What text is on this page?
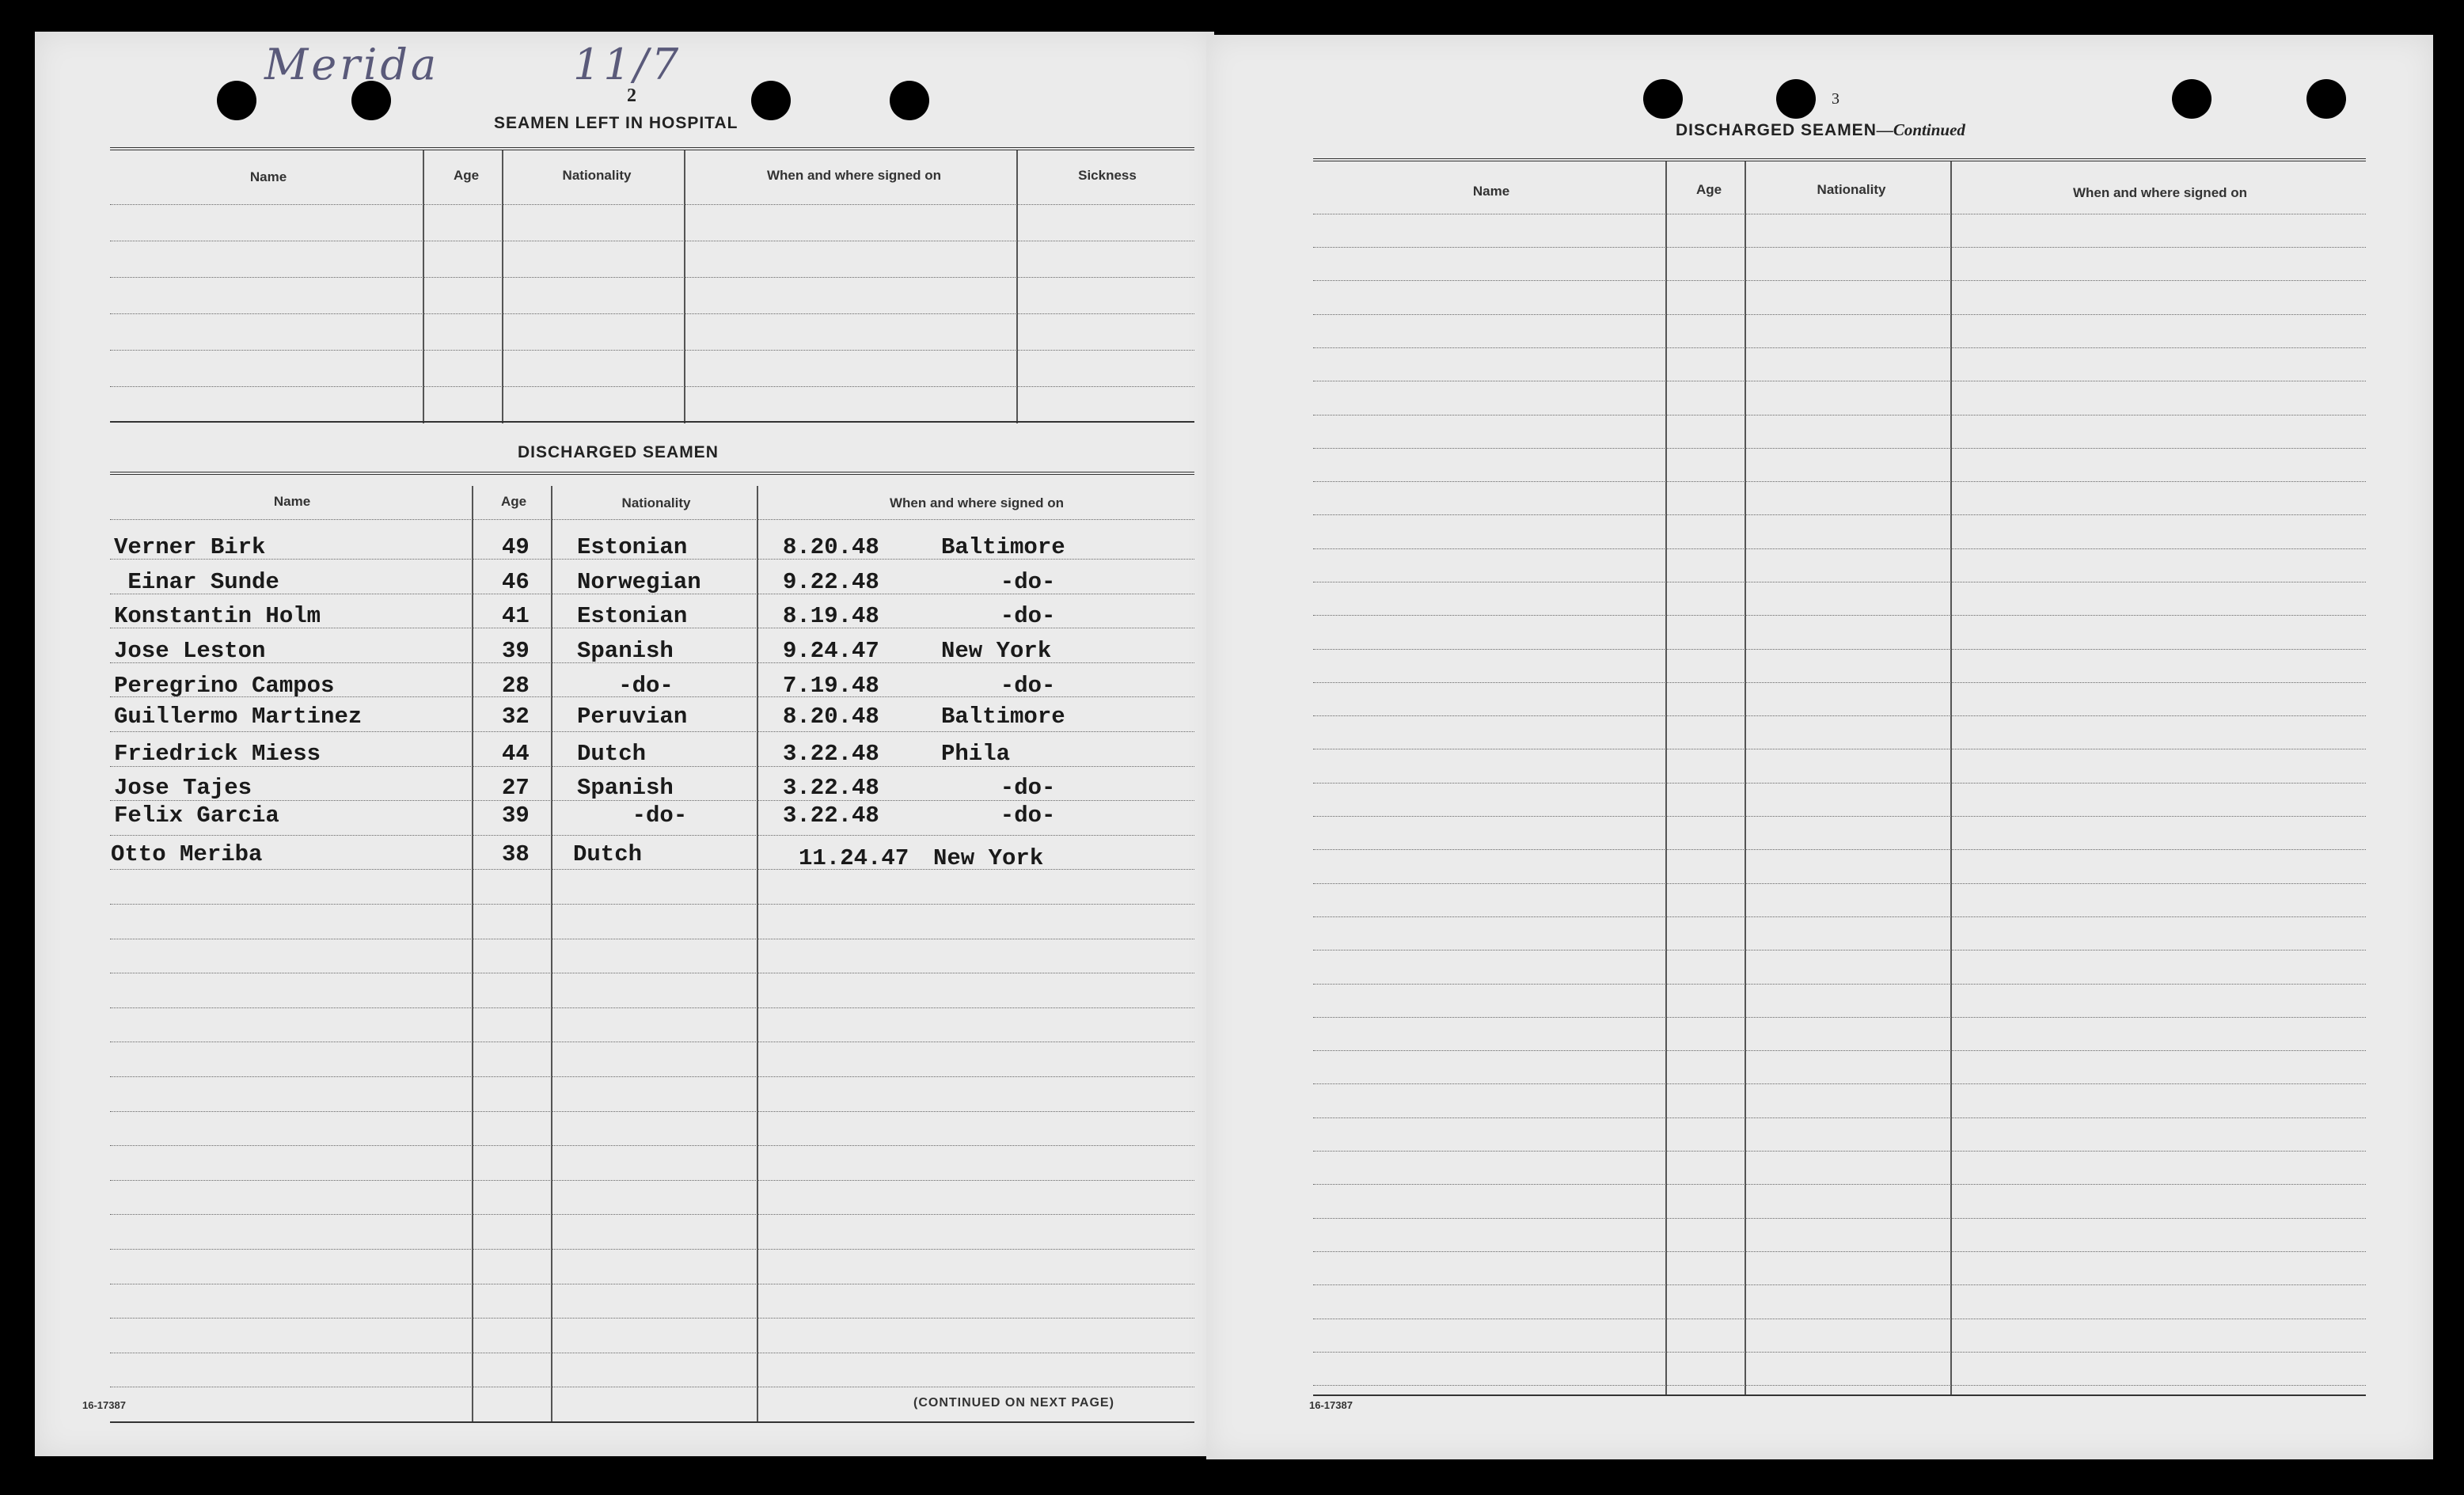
Merida	11/7
2
SEAMEN LEFT IN HOSPITAL
Name	Age	Nationality	When and where signed on	Sickness
DISCHARGED SEAMEN
Name	Age	Nationality	When and where signed on
Verner Birk	49 Estonian	8.20.48	Baltimore
Einar Sunde	46 Norwegian	9.22.48	-do-
Konstantin Holm	41 Estonian	8.19.48	-do-
Jose Leston	39 Spanish	9.24.47	New York
Peregrino Campos	28 -do-	7.19.48	-do-
Guillermo Martinez	32 Peruvian	8.20.48	Baltimore
Friedrick Miess	44 Dutch	3.22.48	Phila
Jose Tajes	27 Spanish	3.22.48	-do-
Felix Garcia	39 -do-	3.22.48	-do-
Otto Meriba	38 Dutch	11.24.47 New York
16-17387	(CONTINUED ON NEXT PAGE)
3
DISCHARGED SEAMEN—Continued
Name	Age	Nationality	When and where signed on
16-17387
